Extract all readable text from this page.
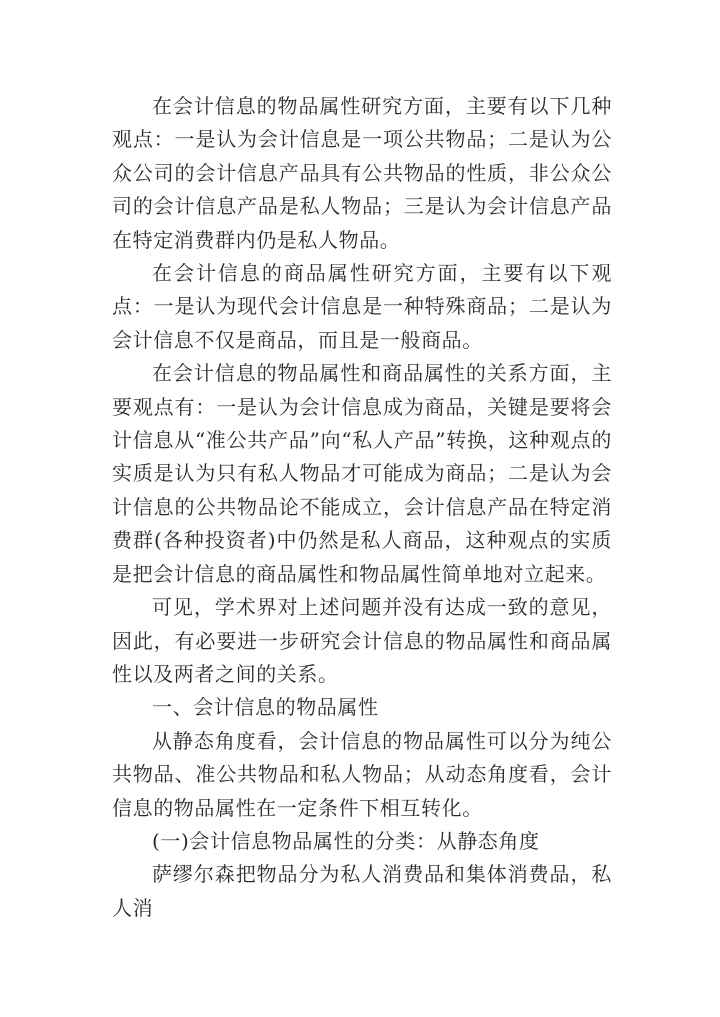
在会计信息的物品属性研究方面，主要有以下几种观点：一是认为会计信息是一项公共物品；二是认为公众公司的会计信息产品具有公共物品的性质，非公众公司的会计信息产品是私人物品；三是认为会计信息产品在特定消费群内仍是私人物品。

在会计信息的商品属性研究方面，主要有以下观点：一是认为现代会计信息是一种特殊商品；二是认为会计信息不仅是商品，而且是一般商品。

在会计信息的物品属性和商品属性的关系方面，主要观点有：一是认为会计信息成为商品，关键是要将会计信息从“准公共产品”向“私人产品”转换，这种观点的实质是认为只有私人物品才可能成为商品；二是认为会计信息的公共物品论不能成立，会计信息产品在特定消费群(各种投资者)中仍然是私人商品，这种观点的实质是把会计信息的商品属性和物品属性简单地对立起来。

可见，学术界对上述问题并没有达成一致的意见，因此，有必要进一步研究会计信息的物品属性和商品属性以及两者之间的关系。

一、会计信息的物品属性

从静态角度看，会计信息的物品属性可以分为纯公共物品、准公共物品和私人物品；从动态角度看，会计信息的物品属性在一定条件下相互转化。

(一)会计信息物品属性的分类：从静态角度

萨缪尔森把物品分为私人消费品和集体消费品，私人消
